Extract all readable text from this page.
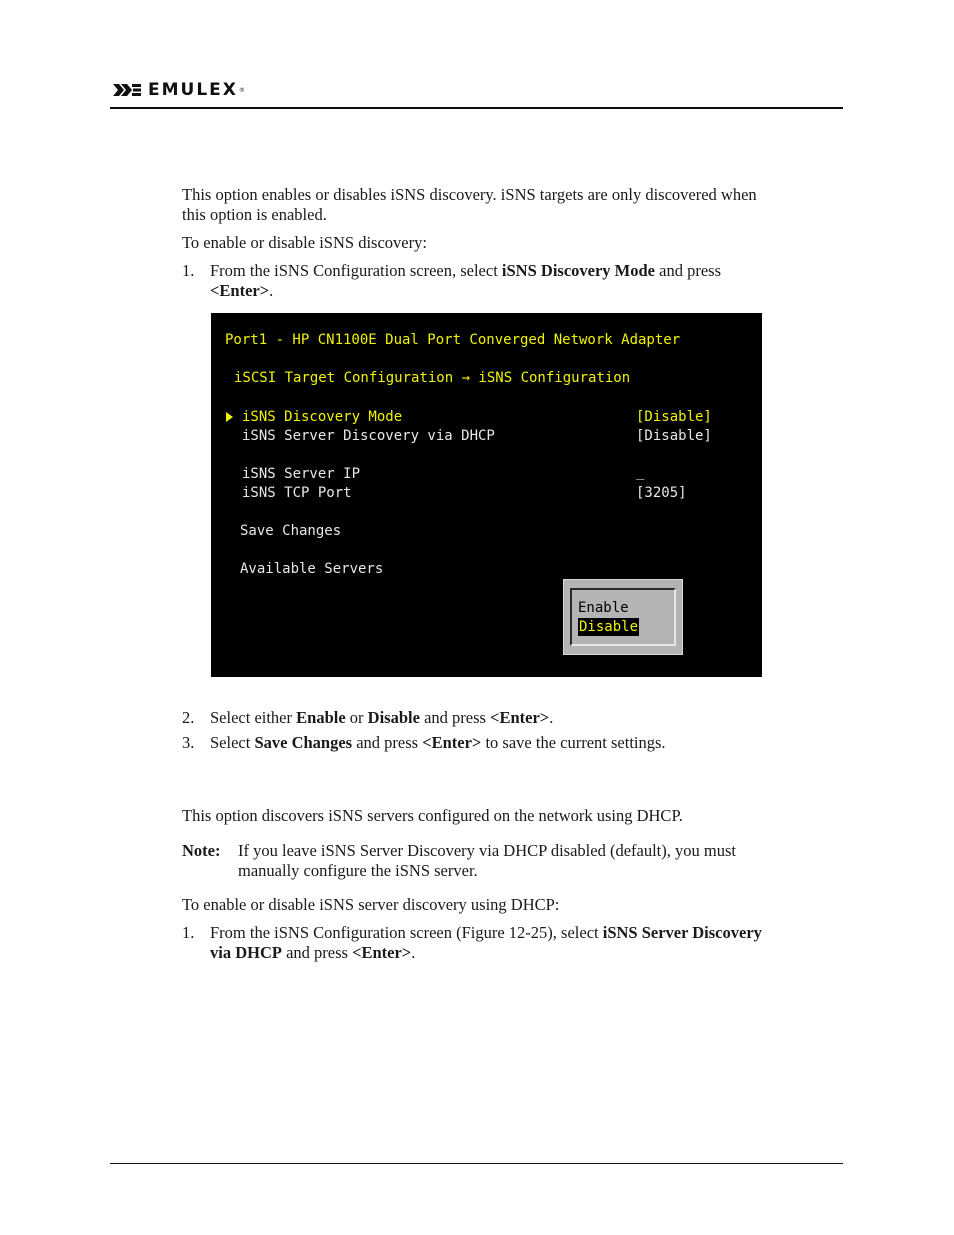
EMULEX ®

This option enables or disables iSNS discovery. iSNS targets are only discovered when

this option is enabled.

To enable or disable iSNS discovery:

1. From the iSNS Configuration screen, select iSNS Discovery Mode and press

<Enter>.

Port1 - HP CN1100E Dual Port Converged Network Adapter
iSCSI Target Configuration → iSNS Configuration
iSNS Discovery Mode	[Disable]
iSNS Server Discovery via DHCP	[Disable]
iSNS Server IP	_
iSNS TCP Port	[3205]
Save Changes
Available Servers
Enable
Disable
2. Select either Enable or Disable and press <Enter>.

3. Select Save Changes and press <Enter> to save the current settings.

This option discovers iSNS servers configured on the network using DHCP.

Note: If you leave iSNS Server Discovery via DHCP disabled (default), you must

manually configure the iSNS server.

To enable or disable iSNS server discovery using DHCP:

1. From the iSNS Configuration screen (Figure 12-25), select iSNS Server Discovery

via DHCP and press <Enter>.
